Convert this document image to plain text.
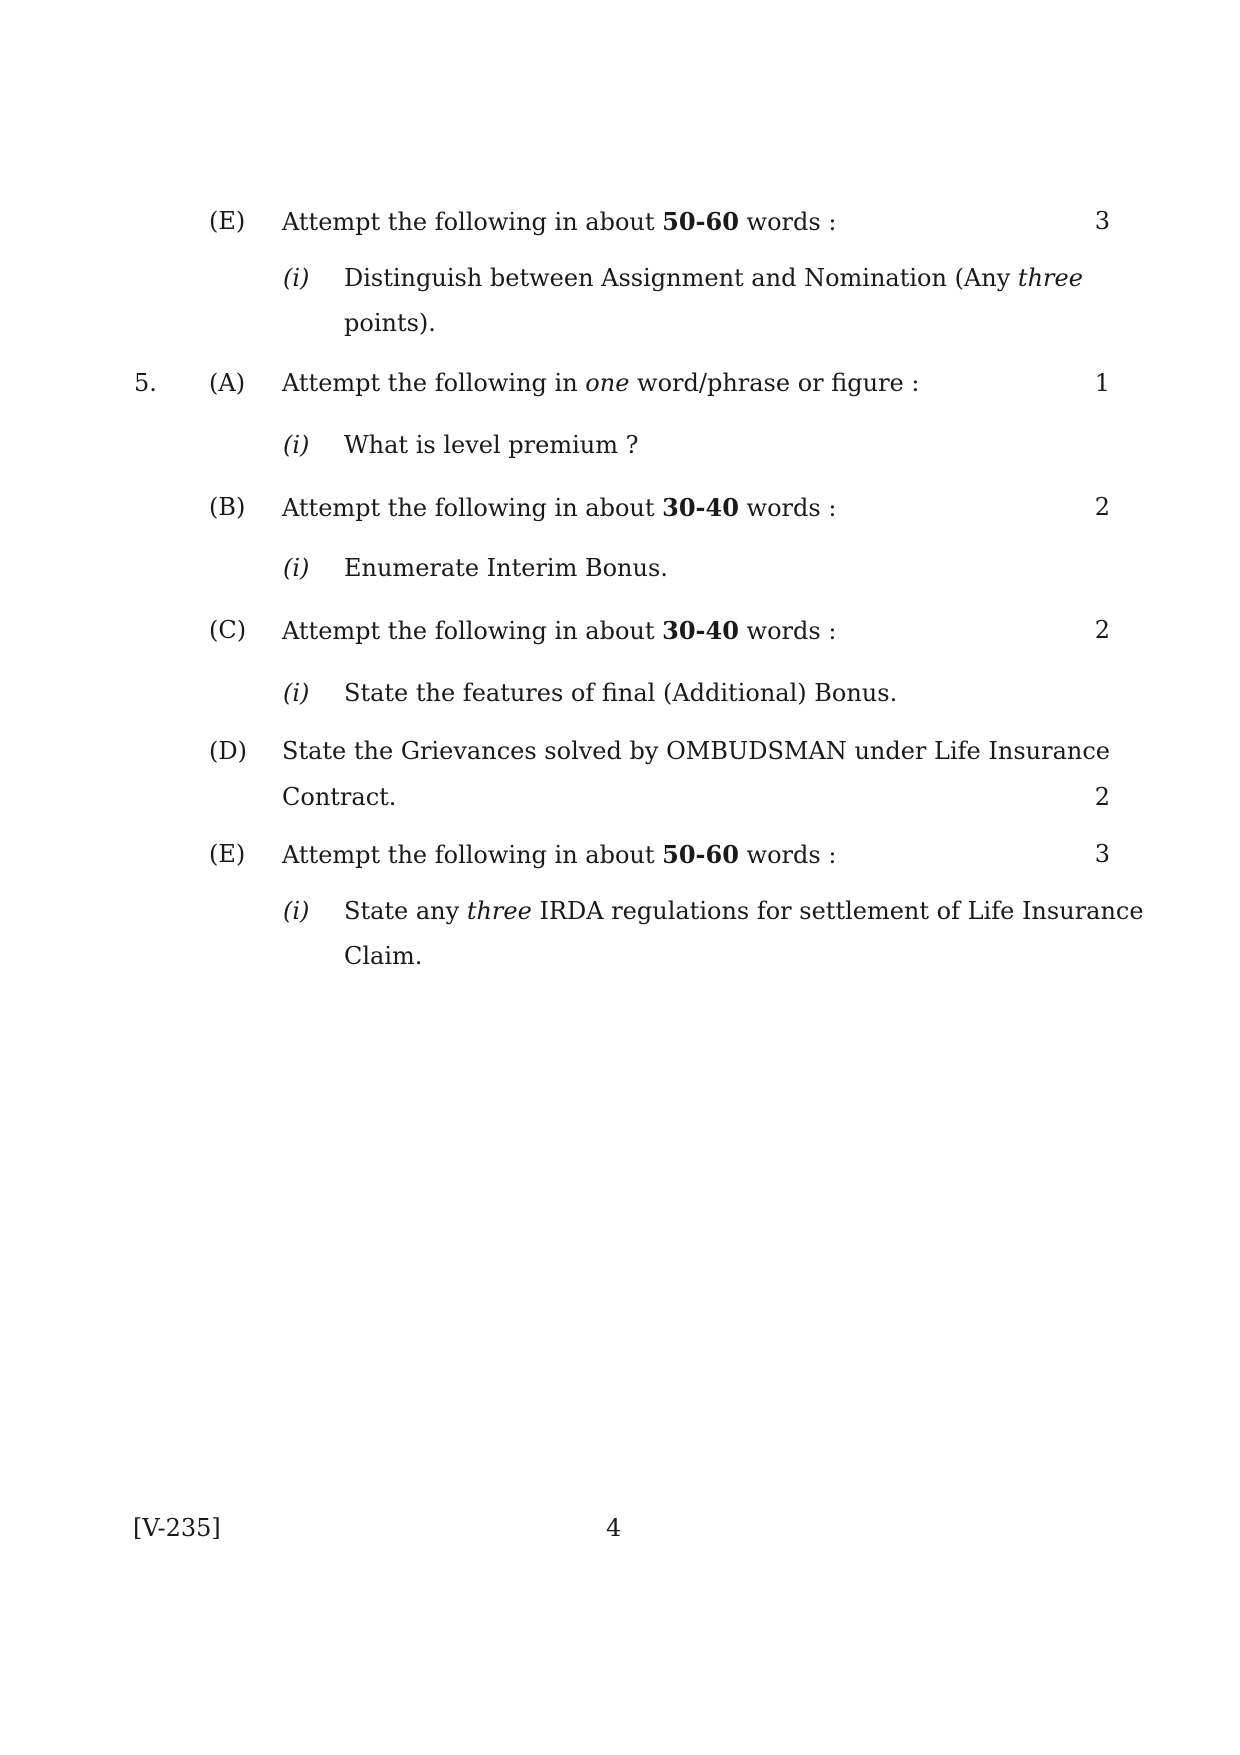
(E) Attempt the following in about 50-60 words :	3
(i) Distinguish between Assignment and Nomination (Any three
points).
5. (A) Attempt the following in one word/phrase or figure :	1
(i) What is level premium ?
(B) Attempt the following in about 30-40 words :	2
(i) Enumerate Interim Bonus.
(C) Attempt the following in about 30-40 words :	2
(i) State the features of final (Additional) Bonus.
(D) State the Grievances solved by OMBUDSMAN under Life Insurance
Contract.	2
(E) Attempt the following in about 50-60 words :	3
(i) State any three IRDA regulations for settlement of Life Insurance
Claim.
[V-235]	4
